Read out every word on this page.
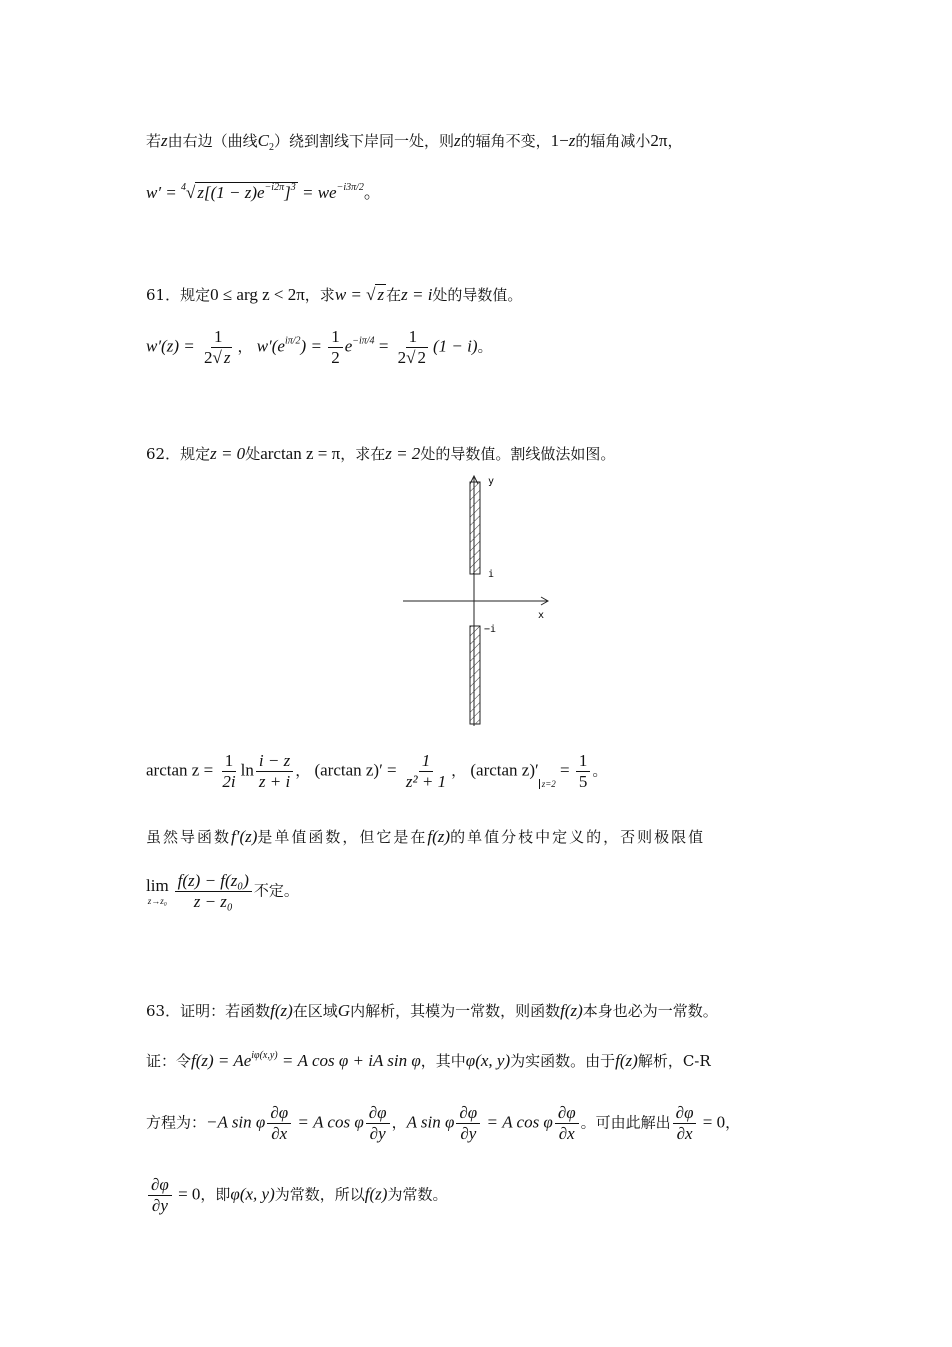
若z由右边（曲线$C_2$）绕到割线下岸同一处，则z的辐角不变，1−z的辐角减小2π，
w′ = $^4$√ $z[(1 - z)e^{-i2\pi}]^3 = we^{-i3\pi/2}$。
61．规定0 ≤ arg z < 2π，求w = √ z 在z = i处的导数值。
$w'(z) = \frac{1}{2√ z}$ ， $w'(e^{i\pi/2}) = \frac{1}{2} e^{-i\pi/4} = \frac{1}{2√ 2} (1 - i)$。
62．规定z = 0处arctan z = π，求在z = 2处的导数值。割线做法如图。
y
x
i
−i
$\arctan z = \frac{1}{2i}$ $\ln \frac{i - z}{z + i}$ ， (arctan $z)' = \frac{1}{\text{z² + 1}}$ ， (arctan $z)'_{z=2} = \frac{1}{5}$ 。
虽然导函数f′(z)是单值函数，但它是在f(z)的单值分枝中定义的，否则极限值
lim
$z\to z_0 \frac{\text{f(z) − f(z₀)}}{\text{z − z₀}}$ 不定。
63．证明：若函数f(z)在区域G内解析，其模为一常数，则函数f(z)本身也必为一常数。
证：令$f(z) = Ae^{i\varphi(x,y)} = A$ cos φ + iA sin φ，其中φ(x, y)为实函数。由于f(z)解析，C-R
方程为：−A sin φ $\frac{\partial\varphi}{\partial x} = A$ cos φ $\frac{\partial\varphi}{\partial y}$ ，A sin φ $\frac{\partial\varphi}{\partial y} = A$ cos φ $\frac{\partial\varphi}{\partial x}$ 。可由此解出 $\frac{\partial\varphi}{\partial x} = 0$，
$\frac{\partial\varphi}{\partial y} = 0$，即φ(x, y)为常数，所以f(z)为常数。
